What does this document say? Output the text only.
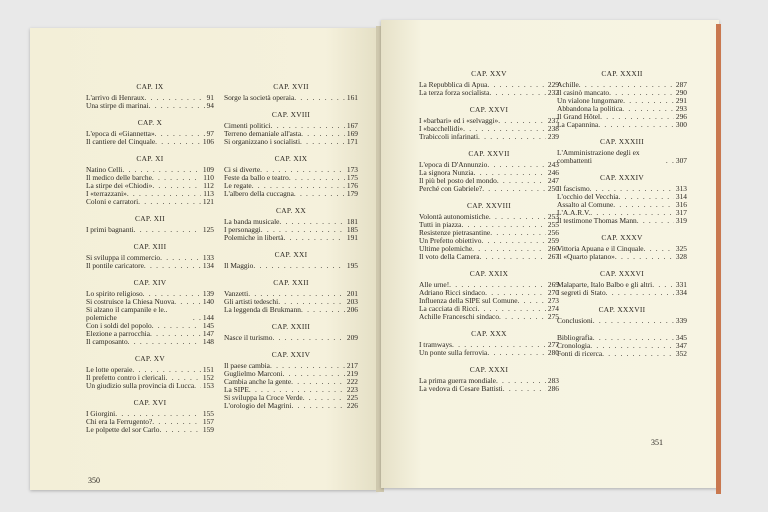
CAP. IX
L'arrivo di Henraux . . .	91
Una stirpe di marinai . . .	94
CAP. X
L'epoca di «Giannetta» . . .	97
Il cantiere del Cinquale . . .	106
CAP. XI
Natino Celli . . .	109
Il medico delle barche . . .	110
La stirpe dei «Chiodi» . . .	112
I «terrazzani» . . .	113
Coloni e carratori . . .	121
CAP. XII
I primi bagnanti . . .	125
CAP. XIII
Si sviluppa il commercio . . .	133
Il pontile caricatore . . .	134
CAP. XIV
Lo spirito religioso . . .	139
Si costruisce la Chiesa Nuova . . .	140
Si alzano il campanile e le.. polemiche . . .	144
Con i soldi del popolo . . .	145
Elezione a parrocchia . . .	147
Il camposanto . . .	148
CAP. XV
Le lotte operaie . . .	151
Il prefetto contro i clericali . . .	152
Un giudizio sulla provincia di Lucca . . . 153
CAP. XVI
I Giorgini . . .	155
Chi era la Ferrugento? . . .	157
Le polpette del sor Carlo . . .	159
CAP. XVII
Sorge la società operaia . . .	161
CAP. XVIII
Cimenti politici . . .	167
Terreno demaniale all'asta . . .	169
Si organizzano i socialisti . . .	171
CAP. XIX
Ci si diverte . . .	173
Feste da ballo e teatro . . .	175
Le regate . . .	176
L'albero della cuccagna . . .	179
CAP. XX
La banda musicale . . .	181
I personaggi . . .	185
Polemiche in libertà . . .	191
CAP. XXI
Il Maggio . . .	195
CAP. XXII
Vanzetti . . .	201
Gli artisti tedeschi . . .	203
La leggenda di Brukmann . . .	206
CAP. XXIII
Nasce il turismo . . .	209
CAP. XXIV
Il paese cambia . . .	217
Guglielmo Marconi . . .	219
Cambia anche la gente . . .	222
La SIPE . . .	223
Si sviluppa la Croce Verde . . .	225
L'orologio del Magrini . . .	226
350
CAP. XXV
La Repubblica di Apua . . .	229
La terza forza socialista . . .	232
CAP. XXVI
I «barbari» ed i «selvaggi» . . .	237
I «bacchellidi» . . .	238
Trabiccoli infarinati . . .	239
CAP. XXVII
L'epoca di D'Annunzio . . .	243
La signora Nunzia . . .	246
Il più bel posto del mondo . . .	247
Perché con Gabriele? . . .	250
CAP. XXVIII
Volontà autonomistiche . . .	253
Tutti in piazza . . .	255
Resistenze pietrasantine . . .	256
Un Prefetto obiettivo . . .	259
Ultime polemiche . . .	260
Il voto della Camera . . .	267
CAP. XXIX
Alle urne! . . .	269
Adriano Ricci sindaco . . .	270
Influenza della SIPE sul Comune . . .	273
La cacciata di Ricci . . .	274
Achille Franceschi sindaco . . .	275
CAP. XXX
I tramways . . .	277
Un ponte sulla ferrovia . . .	280
CAP. XXXI
La prima guerra mondiale . . .	283
La vedova di Cesare Battisti . . .	286
CAP. XXXII
Achille . . .	287
Il casinò mancato . . .	290
Un vialone lungomare . . .	291
Abbandona la politica . . .	293
Il Grand Hôtel . . .	296
La Capannina . . .	300
CAP. XXXIII
L'Amministrazione degli ex combattenti . . .	307
CAP. XXXIV
Il fascismo . . .	313
L'occhio del Vecchia . . .	314
Assalto al Comune . . .	316
L'A.A.R.V. . . .	317
Il testimone Thomas Mann . . .	319
CAP. XXXV
Vittoria Apuana e il Cinquale . . .	325
Il «Quarto platano» . . .	328
CAP. XXXVI
Malaparte, Italo Balbo e gli altri . . .	331
I segreti di Stato . . .	334
CAP. XXXVII
Conclusioni . . .	339
Bibliografia . . .	345
Cronologia . . .	347
Fonti di ricerca . . .	352
351
